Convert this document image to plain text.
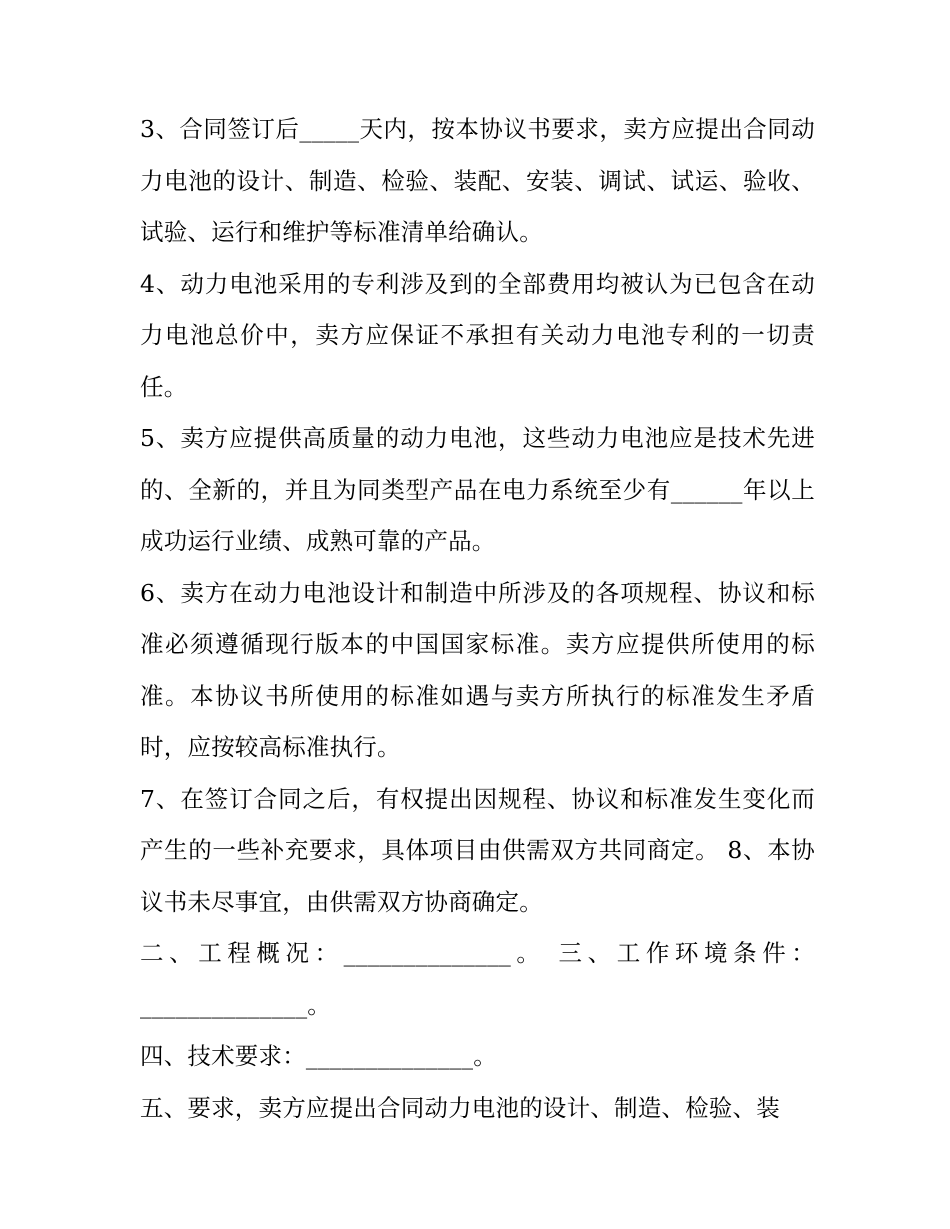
3、合同签订后_____天内，按本协议书要求，卖方应提出合同动力电池的设计、制造、检验、装配、安装、调试、试运、验收、试验、运行和维护等标准清单给确认。

4、动力电池采用的专利涉及到的全部费用均被认为已包含在动力电池总价中，卖方应保证不承担有关动力电池专利的一切责任。

5、卖方应提供高质量的动力电池，这些动力电池应是技术先进的、全新的，并且为同类型产品在电力系统至少有______年以上成功运行业绩、成熟可靠的产品。

6、卖方在动力电池设计和制造中所涉及的各项规程、协议和标准必须遵循现行版本的中国国家标准。卖方应提供所使用的标准。本协议书所使用的标准如遇与卖方所执行的标准发生矛盾时，应按较高标准执行。

7、在签订合同之后，有权提出因规程、协议和标准发生变化而产生的一些补充要求，具体项目由供需双方共同商定。 8、本协议书未尽事宜，由供需双方协商确定。

二、工程概况：______________。 三、工作环境条件：______________。

四、技术要求：______________。

五、要求，卖方应提出合同动力电池的设计、制造、检验、装
